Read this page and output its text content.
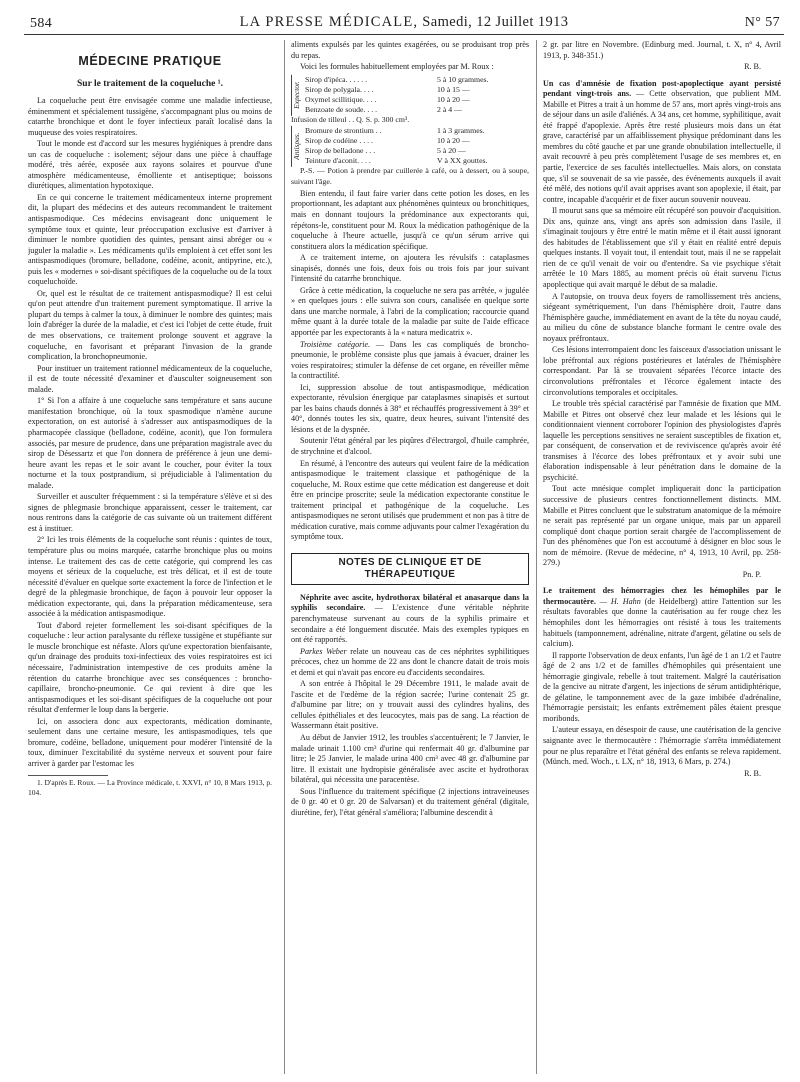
584	LA PRESSE MÉDICALE, Samedi, 12 Juillet 1913	N° 57
MÉDECINE PRATIQUE
Sur le traitement de la coqueluche ¹.

La coqueluche peut être envisagée comme une maladie infectieuse, éminemment et spécialement tussigène, s'accompagnant plus ou moins de catarrhe bronchique et dont le foyer infectieux paraît localisé dans la muqueuse des voies respiratoires.

Tout le monde est d'accord sur les mesures hygiéniques à prendre dans un cas de coqueluche : isolement; séjour dans une pièce à chauffage modéré, très aérée, exposée aux rayons solaires et pourvue d'une atmosphère médicamenteuse, émolliente et antiseptique; boissons diurétiques, alimentation hypotoxique.

En ce qui concerne le traitement médicamenteux interne proprement dit, la plupart des médecins et des auteurs recommandent le traitement antispasmodique. Ces médecins envisageant donc uniquement le symptôme toux et quinte, leur préoccupation exclusive est d'arriver à diminuer le nombre quotidien des quintes, pensant ainsi abréger ou « juguler la maladie ». Les médicaments qu'ils emploient à cet effet sont les antispasmodiques (bromure, belladone, codéine, aconit, antipyrine, etc.), puis les « modernes » soi-disant spécifiques de la coqueluche ou de la toux coqueluchoïde.

Or, quel est le résultat de ce traitement antispasmodique? Il est celui qu'on peut attendre d'un traitement purement symptomatique. Il arrive la plupart du temps à calmer la toux, à diminuer le nombre des quintes; mais loin d'abréger la durée de la maladie, et c'est ici l'objet de cette étude, fruit de mes observations, ce traitement prolonge souvent et aggrave la coqueluche, en favorisant et préparant l'invasion de la grande complication, la bronchopneumonie.

Pour instituer un traitement rationnel médicamenteux de la coqueluche, il est de toute nécessité d'examiner et d'ausculter soigneusement son malade.

1° Si l'on a affaire à une coqueluche sans température et sans aucune manifestation bronchique, où la toux spasmodique n'amène aucune expectoration, on est autorisé à s'adresser aux antispasmodiques de la pharmacopée classique (belladone, codéine, aconit), que l'on formulera associés, par mesure de prudence, dans une préparation magistrale avec du sirop de Désessartz et que l'on donnera de préférence à jeun une demi-heure avant les repas et le soir avant le coucher, pour éviter la toux nocturne et la toux postprandium, si préjudiciable à l'alimentation du malade.

Surveiller et ausculter fréquemment : si la température s'élève et si des signes de phlegmasie bronchique apparaissent, cesser le traitement, car nous rentrons dans la catégorie de cas suivante où un traitement différent est à instituer.

2° Ici les trois éléments de la coqueluche sont réunis : quintes de toux, température plus ou moins marquée, catarrhe bronchique plus ou moins intense. Le traitement des cas de cette catégorie, qui comprend les cas moyens et sérieux de la coqueluche, est très délicat, et il est de toute nécessité d'évaluer en quelque sorte exactement la force de l'infection et le degré de la phlegmasie bronchique, de façon à pouvoir leur opposer la médication expectorante, qui, dans la préparation médicamenteuse, sera associée à la médication antispasmodique.

Tout d'abord rejeter formellement les soi-disant spécifiques de la coqueluche : leur action paralysante du réflexe tussigène et stupéfiante sur le muscle bronchique est néfaste. Alors qu'une expectoration bienfaisante, qu'un drainage des produits toxi-infectieux des voies respiratoires est ici nécessaire, l'administration intempestive de ces produits amène la rétention du catarrhe bronchique avec ses conséquences : broncho-capillaire, broncho-pneumonie. Ce qui revient à dire que les antispasmodiques et les soi-disant spécifiques de la coqueluche ont pour résultat d'enfermer le loup dans la bergerie.

Ici, on associera donc aux expectorants, médication dominante, seulement dans une certaine mesure, les antispasmodiques, tels que bromure, codéine, belladone, uniquement pour modérer l'intensité de la toux, diminuer l'excitabilité du système nerveux et souvent pour faire arriver à garder par l'estomac les

1. D'après E. Roux. — La Province médicale, t. XXVI, n° 10, 8 Mars 1913, p. 104.

aliments expulsés par les quintes exagérées, ou se produisant trop près du repas.

Voici les formules habituellement employées par M. Roux :

Expector.
Sirop d'ipéca. . . . . .	5 à 10 grammes.
Sirop de polygala. . . .	10 à 15 —
Oxymel scillitique. . . .	10 à 20 —
Benzoate de soude. . . .	2 à 4 —
Infusion de tilleul . . Q. S. p. 300 cm³.
Antispas.
Bromure de strontium . .	1 à 3 grammes.
Sirop de codéine . . . .	10 à 20 —
Sirop de belladone . . .	5 à 20 —
Teinture d'aconit. . . .	V à XX gouttes.

P.-S. — Potion à prendre par cuillerée à café, ou à dessert, ou à soupe, suivant l'âge.

Bien entendu, il faut faire varier dans cette potion les doses, en les proportionnant, les adaptant aux phénomènes quinteux ou bronchitiques, mais en donnant toujours la prédominance aux expectorants qui, répétons-le, constituent pour M. Roux la médication pathogénique de la coqueluche à l'heure actuelle, jusqu'à ce qu'un sérum arrive qui constituera alors la médication spécifique.

A ce traitement interne, on ajoutera les révulsifs : cataplasmes sinapisés, donnés une fois, deux fois ou trois fois par jour suivant l'intensité du catarrhe bronchique.

Grâce à cette médication, la coqueluche ne sera pas arrêtée, « jugulée » en quelques jours : elle suivra son cours, canalisée en quelque sorte dans une marche normale, à l'abri de la complication; raccourcie quand même quant à la durée totale de la maladie par suite de l'aide efficace apportée par les expectorants à la « natura medicatrix ».

Troisième catégorie. — Dans les cas compliqués de broncho-pneumonie, le problème consiste plus que jamais à évacuer, drainer les voies respiratoires; stimuler la défense de cet organe, en réveiller même la contractilité.

Ici, suppression absolue de tout antispasmodique, médication expectorante, révulsion énergique par cataplasmes sinapisés et surtout par les bains chauds donnés à 38° et réchauffés progressivement à 39° et 40°, donnés toutes les six, quatre, deux heures, suivant l'intensité des lésions et de la dyspnée.

Soutenir l'état général par les piqûres d'électrargol, d'huile camphrée, de strychnine et d'alcool.

En résumé, à l'encontre des auteurs qui veulent faire de la médication antispasmodique le traitement classique et pathogénique de la coqueluche, M. Roux estime que cette médication est dangereuse et doit être en principe proscrite; seule la médication expectorante constitue le traitement principal et pathogénique de la coqueluche. Les antispasmodiques ne seront utilisés que prudemment et non pas à titre de médication curative, mais comme adjuvants pour calmer l'exagération du symptôme toux.

NOTES DE CLINIQUE ET DE THÉRAPEUTIQUE

Néphrite avec ascite, hydrothorax bilatéral et anasarque dans la syphilis secondaire. — L'existence d'une véritable néphrite parenchymateuse survenant au cours de la syphilis primaire et secondaire a été longuement discutée. Mais des exemples typiques en ont été rapportés.

Parkes Weber relate un nouveau cas de ces néphrites syphilitiques précoces, chez un homme de 22 ans dont le chancre datait de trois mois et demi et qui n'avait pas encore eu d'accidents secondaires.

A son entrée à l'hôpital le 29 Décembre 1911, le malade avait de l'ascite et de l'œdème de la région sacrée; l'urine contenait 25 gr. d'albumine par litre; on y trouvait aussi des cylindres hyalins, des cellules épithéliales et des leucocytes, mais pas de sang. La réaction de Wassermann était positive.

Au début de Janvier 1912, les troubles s'accentuèrent; le 7 Janvier, le malade urinait 1.100 cm³ d'urine qui renfermait 40 gr. d'albumine par litre; le 25 Janvier, le malade urina 400 cm³ avec 48 gr. d'albumine par litre. Il existait une hydropisie généralisée avec ascite et hydrothorax bilatéral, qui nécessita une paracentèse.

Sous l'influence du traitement spécifique (2 injections intraveineuses de 0 gr. 40 et 0 gr. 20 de Salvarsan) et du traitement général (digitale, diurétine, fer), l'état général s'améliora; l'albumine descendit à

2 gr. par litre en Novembre. (Edinburg med. Journal, t. X, n° 4, Avril 1913, p. 348-351.)

R. B.

Un cas d'amnésie de fixation post-apoplectique ayant persisté pendant vingt-trois ans. — Cette observation, que publient MM. Mabille et Pitres a trait à un homme de 57 ans, mort après vingt-trois ans de séjour dans un asile d'aliénés. A 34 ans, cet homme, syphilitique, avait été frappé d'apoplexie. Après être resté plusieurs mois dans un état grave, caractérisé par un affaiblissement physique prédominant dans les membres du côté gauche et par une grande obnubilation intellectuelle, il avait recouvré à peu près complètement l'usage de ses membres et, en partie, l'exercice de ses facultés intellectuelles. Mais alors, on constata que, s'il se souvenait de sa vie passée, des événements auxquels il avait été mêlé, des notions qu'il avait apprises avant son apoplexie, il était, par contre, incapable d'acquérir et de fixer aucun souvenir nouveau.

Il mourut sans que sa mémoire eût récupéré son pouvoir d'acquisition. Dix ans, quinze ans, vingt ans après son admission dans l'asile, il s'imaginait toujours y être entré le matin même et il était aussi ignorant des habitudes de l'établissement que s'il y était en réalité entré depuis quelques instants. Il voyait tout, il entendait tout, mais il ne se rappelait rien de ce qu'il venait de voir ou d'entendre. Sa vie psychique s'était arrêtée le 10 Mars 1885, au moment précis où était survenu l'ictus apoplectique qui avait marqué le début de sa maladie.

A l'autopsie, on trouva deux foyers de ramollissement très anciens, siégeant symétriquement, l'un dans l'hémisphère droit, l'autre dans l'hémisphère gauche, immédiatement en avant de la tête du noyau caudé, au milieu du cône de substance blanche formant le centre ovale des noyaux préfrontaux.

Ces lésions interrompaient donc les faisceaux d'association unissant le lobe préfrontal aux régions postérieures et latérales de l'hémisphère correspondant. Par là se trouvaient séparées l'écorce intacte des circonvolutions préfrontales et l'écorce également intacte des circonvolutions temporales et occipitales.

Le trouble très spécial caractérisé par l'amnésie de fixation que MM. Mabille et Pitres ont observé chez leur malade et les lésions qui le conditionnaient viennent corroborer l'opinion des physiologistes d'après laquelle les perceptions sensitives ne seraient susceptibles de fixation et, par conséquent, de conservation et de reviviscence qu'après avoir été transmises à l'écorce des lobes préfrontaux et y avoir subi une élaboration indispensable à leur pénétration dans le domaine de la psychicité.

Tout acte mnésique complet impliquerait donc la participation successive de plusieurs centres fonctionnellement distincts. MM. Mabille et Pitres concluent que le substratum anatomique de la mémoire ne serait pas représenté par un organe unique, mais par un appareil compliqué dont chaque portion serait chargée de l'accomplissement de l'un des phénomènes que l'on est accoutumé à désigner en bloc sous le nom de mémoire. (Revue de médecine, n° 4, 1913, 10 Avril, pp. 258-279.)

Pn. P.

Le traitement des hémorragies chez les hémophiles par le thermocautère. — H. Hahn (de Heidelberg) attire l'attention sur les résultats favorables que donne la cautérisation au fer rouge chez les hémophiles dont les hémorragies ont résisté à tous les traitements habituels (tamponnement, adrénaline, nitrate d'argent, gélatine ou sels de calcium).

Il rapporte l'observation de deux enfants, l'un âgé de 1 an 1/2 et l'autre âgé de 2 ans 1/2 et de familles d'hémophiles qui présentaient une hémorragie gingivale, rebelle à tout traitement. Malgré la cautérisation de la gencive au nitrate d'argent, les injections de sérum antidiphtérique, de gélatine, le tamponnement avec de la gaze imbibée d'adrénaline, l'hémorragie persistait; les enfants extrêmement pâles étaient presque moribonds.

L'auteur essaya, en désespoir de cause, une cautérisation de la gencive saignante avec le thermocautère : l'hémorragie s'arrêta immédiatement pour ne plus reparaître et l'état général des enfants se releva rapidement. (Münch. med. Woch., t. LX, n° 18, 1913, 6 Mars, p. 274.)

R. B.
